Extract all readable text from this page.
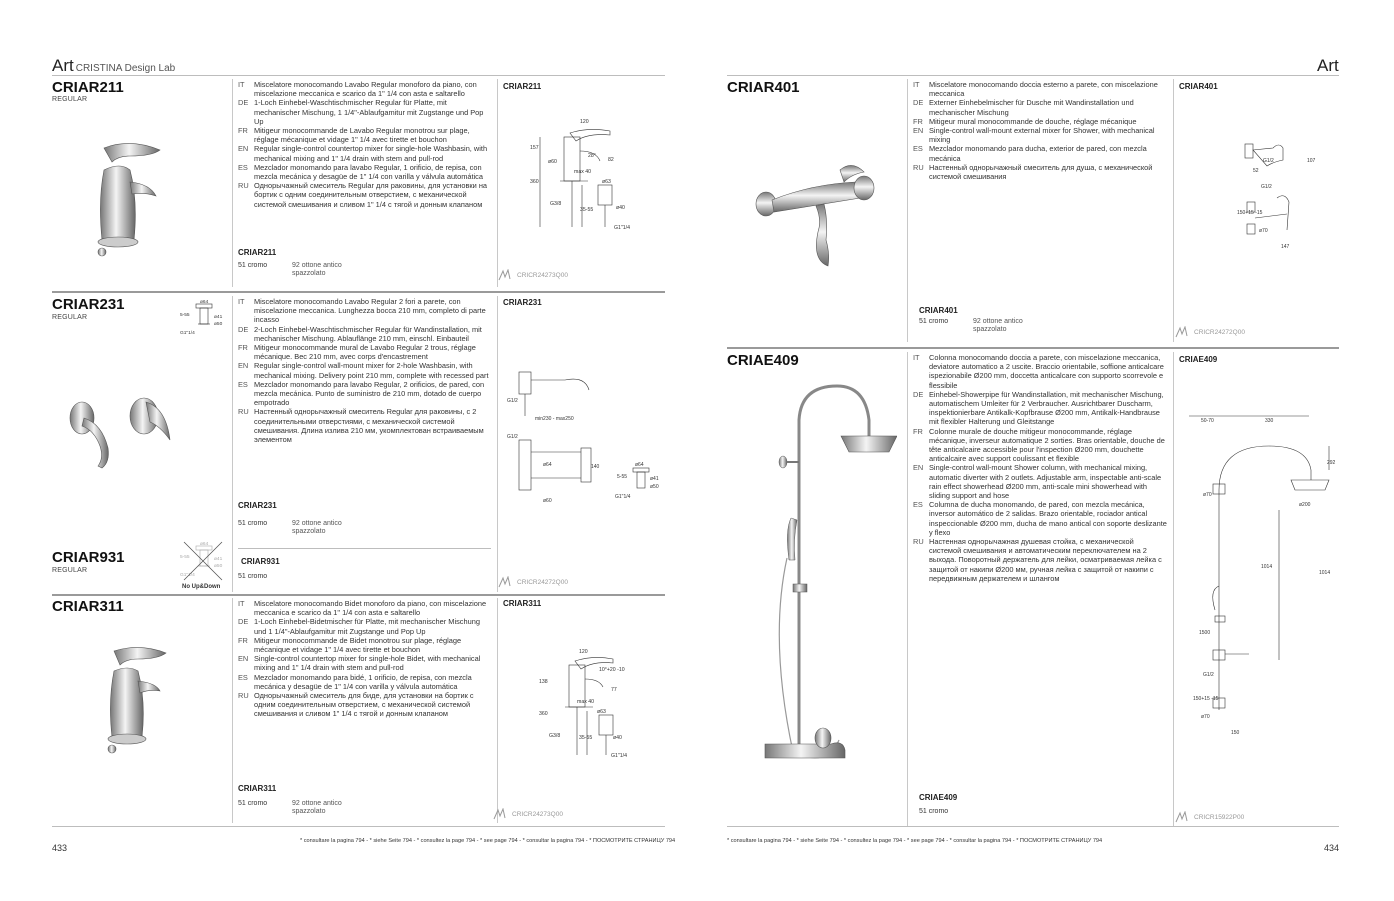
Art CRISTINA Design Lab
CRIAR211
REGULAR
IT	Miscelatore monocomando Lavabo Regular monoforo da piano, con miscelazione meccanica e scarico da 1" 1/4 con asta e saltarello
DE 1-Loch Einhebel-Waschtischmischer Regular für Platte, mit mechanischer Mischung, 1 1/4"-Ablaufgamitur mit Zugstange und Pop Up
FR Mitigeur monocommande de Lavabo Regular monotrou sur plage, réglage mécanique et vidage 1" 1/4 avec tirette et bouchon
EN Regular single-control countertop mixer for single-hole Washbasin, with mechanical mixing and 1" 1/4 drain with stem and pull-rod
ES Mezclador monomando para lavabo Regular, 1 orificio, de repisa, con mezcla mecánica y desagüe de 1" 1/4 con varilla y válvula automática
RU Однорычажный смеситель Regular для раковины, для установки на бортик с одним соединительным отверстием, с механической системой смешивания и сливом 1" 1/4 с тягой и донным клапаном
CRIAR211
51 cromo	92 ottone antico spazzolato
CRIAR211
120
157
ø60
28°
82
ø63
360
max 40
G3/8
35-55	ø40
G1"1/4
CRICR24273Q00
CRIAR231
REGULAR
ø64
5-55	ø41
ø50
G1"1/4
IT	Miscelatore monocomando Lavabo Regular 2 fori a parete, con miscelazione meccanica. Lunghezza bocca 210 mm, completo di parte incasso
DE 2-Loch Einhebel-Waschtischmischer Regular für Wandinstallation, mit mechanischer Mischung. Ablauflänge 210 mm, einschl. Einbauteil
FR Mitigeur monocommande mural de Lavabo Regular 2 trous, réglage mécanique. Bec 210 mm, avec corps d'encastrement
EN Regular single-control wall-mount mixer for 2-hole Washbasin, with mechanical mixing. Delivery point 210 mm, complete with recessed part
ES Mezclador monomando para lavabo Regular, 2 orificios, de pared, con mezcla mecánica. Punto de suministro de 210 mm, dotado de cuerpo empotrado
RU Настенный однорычажный смеситель Regular для раковины, с 2 соединительными отверстиями, с механической системой смешивания. Длина излива 210 мм, укомплектован встраиваемым элементом
CRIAR231
51 cromo	92 ottone antico spazzolato
CRIAR231
G1/2
min230 - max250
G1/2
ø64	140
ø60
ø64
5-55	ø41
ø50
G1"1/4
CRIAR931
REGULAR
ø64
5-55	ø41
ø50
G1"1/4
No Up&Down
CRIAR931
51 cromo
CRICR24272Q00
CRIAR311	IT	Miscelatore monocomando Bidet monoforo da piano, con miscelazione meccanica e scarico da 1" 1/4 con asta e saltarello
DE 1-Loch Einhebel-Bidetmischer für Platte, mit mechanischer Mischung und 1 1/4"-Ablaufgamitur mit Zugstange und Pop Up
FR Mitigeur monocommande de Bidet monotrou sur plage, réglage mécanique et vidage 1" 1/4 avec tirette et bouchon
EN Single-control countertop mixer for single-hole Bidet, with mechanical mixing and 1" 1/4 drain with stem and pull-rod
ES Mezclador monomando para bidé, 1 orificio, de repisa, con mezcla mecánica y desagüe de 1" 1/4 con varilla y válvula automática
RU Однорычажный смеситель для биде, для установки на бортик с одним соединительным отверстием, с механической системой смешивания и сливом 1" 1/4 с тягой и донным клапаном
CRIAR311
51 cromo	92 ottone antico spazzolato
CRIAR311
120
10°+20 -10
138
77
max 40
360	ø63
G3/8	35-55	ø40
G1"1/4
CRICR24273Q00
* consultare la pagina 794 - * siehe Seite 794 - * consultez la page 794 - * see page 794 - * consultar la pagina 794 - * ПОСМОТРИТЕ СТРАНИЦУ 794
433
Art
CRIAR401	IT	Miscelatore monocomando doccia esterno a parete, con miscelazione meccanica
DE Externer Einhebelmischer für Dusche mit Wandinstallation und mechanischer Mischung
FR Mitigeur mural monocommande de douche, réglage mécanique
EN Single-control wall-mount external mixer for Shower, with mechanical mixing
ES Mezclador monomando para ducha, exterior de pared, con mezcla mecánica
RU Настенный однорычажный смеситель для душа, с механической системой смешивания
CRIAR401
51 cromo	92 ottone antico spazzolato
CRIAR401
G1/2	107
52
G1/2
150+15 -15
ø70
147
CRICR24272Q00
CRIAE409	IT	Colonna monocomando doccia a parete, con miscelazione meccanica, deviatore automatico a 2 uscite. Braccio orientabile, soffione anticalcare ispezionabile Ø200 mm, doccetta anticalcare con supporto scorrevole e flessibile
DE Einhebel-Showerpipe für Wandinstallation, mit mechanischer Mischung, automatischem Umleiter für 2 Verbraucher. Ausrichtbarer Duscharm, inspektionierbare Antikalk-Kopfbrause Ø200 mm, Antikalk-Handbrause mit flexibler Halterung und Gleitstange
FR Colonne murale de douche mitigeur monocommande, réglage mécanique, inverseur automatique 2 sorties. Bras orientable, douche de tête anticalcaire accessible pour l'inspection Ø200 mm, douchette anticalcaire avec support coulissant et flexible
EN Single-control wall-mount Shower column, with mechanical mixing, automatic diverter with 2 outlets. Adjustable arm, inspectable anti-scale rain effect showerhead Ø200 mm, anti-scale mini showerhead with sliding support and hose
ES Columna de ducha monomando, de pared, con mezcla mecánica, inversor automático de 2 salidas. Brazo orientable, rociador antical inspeccionable Ø200 mm, ducha de mano antical con soporte deslizante y flexo
RU Настенная однорычажная душевая стойка, с механической системой смешивания и автоматическим переключателем на 2 выхода. Поворотный держатель для лейки, осматриваемая лейка с защитой от накипи Ø200 мм, ручная лейка с защитой от накипи с передвижным держателем и шлангом
CRIAE409
51 cromo
CRIAE409
50-70	330
292
ø70
ø200
1014
1014
1500
G1/2
150+15 -15
ø70
150
CRICR15922P00
* consultare la pagina 794 - * siehe Seite 794 - * consultez la page 794 - * see page 794 - * consultar la pagina 794 - * ПОСМОТРИТЕ СТРАНИЦУ 794
434
